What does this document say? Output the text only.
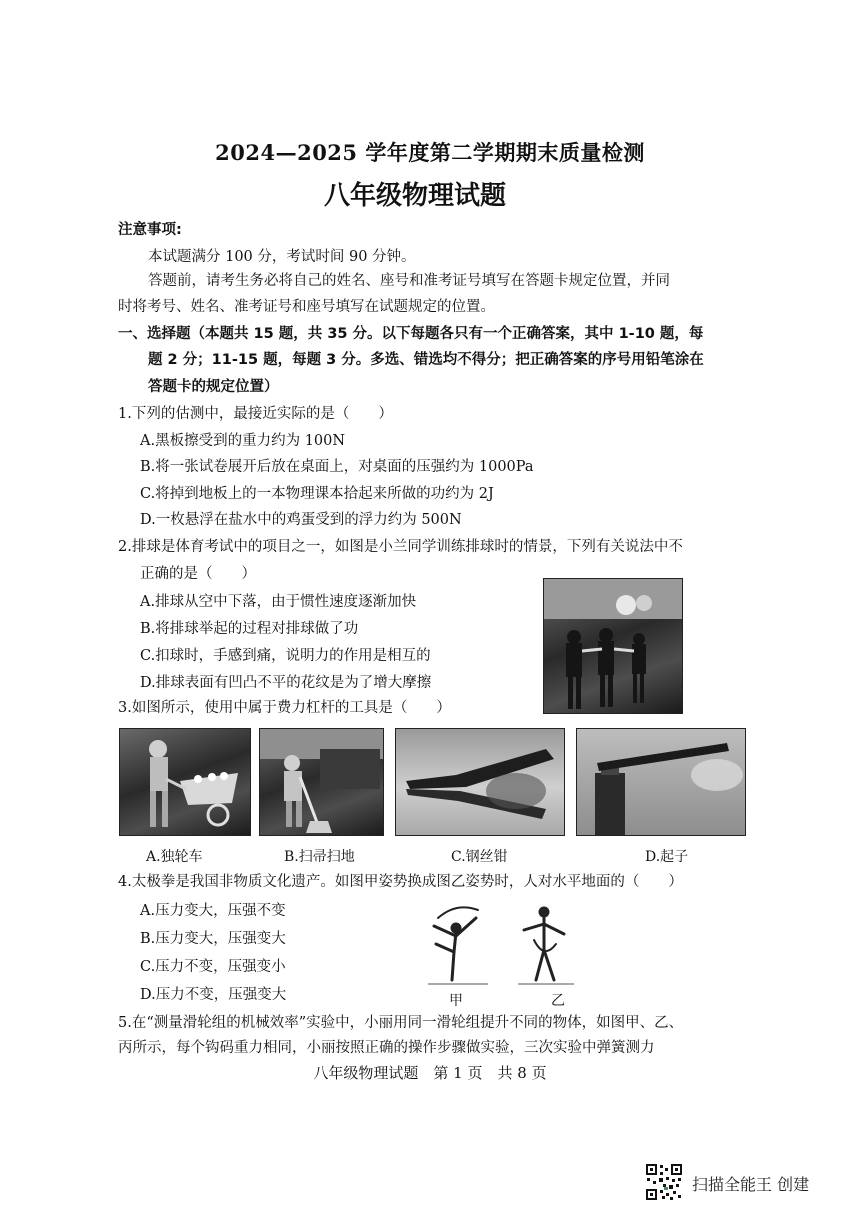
2024—2025 学年度第二学期期末质量检测
八年级物理试题
注意事项:
本试题满分 100 分，考试时间 90 分钟。
答题前，请考生务必将自己的姓名、座号和准考证号填写在答题卡规定位置，并同
时将考号、姓名、准考证号和座号填写在试题规定的位置。
一、选择题（本题共 15 题，共 35 分。以下每题各只有一个正确答案，其中 1-10 题，每
题 2 分；11-15 题，每题 3 分。多选、错选均不得分；把正确答案的序号用铅笔涂在
答题卡的规定位置）
1.下列的估测中，最接近实际的是（　　）
A.黑板擦受到的重力约为 100N
B.将一张试卷展开后放在桌面上，对桌面的压强约为 1000Pa
C.将掉到地板上的一本物理课本拾起来所做的功约为 2J
D.一枚悬浮在盐水中的鸡蛋受到的浮力约为 500N
2.排球是体育考试中的项目之一，如图是小兰同学训练排球时的情景，下列有关说法中不
正确的是（　　）
A.排球从空中下落，由于惯性速度逐渐加快
B.将排球举起的过程对排球做了功
C.扣球时，手感到痛，说明力的作用是相互的
D.排球表面有凹凸不平的花纹是为了增大摩擦
3.如图所示，使用中属于费力杠杆的工具是（　　）
A.独轮车	B.扫帚扫地	C.钢丝钳	D.起子
4.太极拳是我国非物质文化遗产。如图甲姿势换成图乙姿势时，人对水平地面的（　　）
A.压力变大，压强不变
B.压力变大，压强变大
C.压力不变，压强变小
D.压力不变，压强变大	甲	乙
5.在“测量滑轮组的机械效率”实验中，小丽用同一滑轮组提升不同的物体，如图甲、乙、
丙所示，每个钩码重力相同，小丽按照正确的操作步骤做实验，三次实验中弹簧测力
八年级物理试题　第 1 页　共 8 页
扫描全能王 创建
